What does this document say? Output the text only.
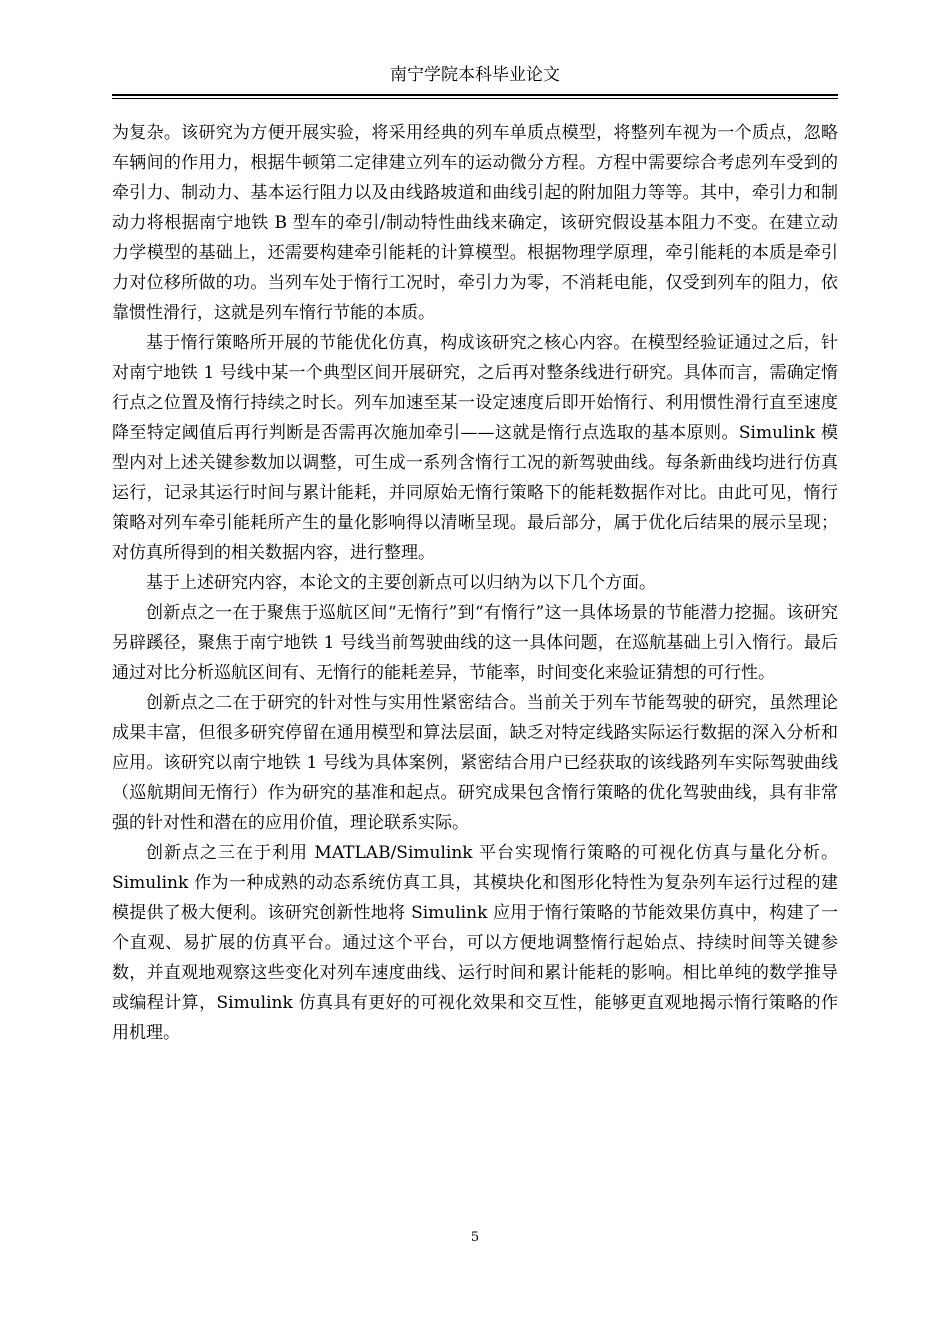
南宁学院本科毕业论文

为复杂。该研究为方便开展实验，将采用经典的列车单质点模型，将整列车视为一个质点，忽略车辆间的作用力，根据牛顿第二定律建立列车的运动微分方程。方程中需要综合考虑列车受到的牵引力、制动力、基本运行阻力以及由线路坡道和曲线引起的附加阻力等等。其中，牵引力和制动力将根据南宁地铁 B 型车的牵引/制动特性曲线来确定，该研究假设基本阻力不变。在建立动力学模型的基础上，还需要构建牵引能耗的计算模型。根据物理学原理，牵引能耗的本质是牵引力对位移所做的功。当列车处于惰行工况时，牵引力为零，不消耗电能，仅受到列车的阻力，依靠惯性滑行，这就是列车惰行节能的本质。

基于惰行策略所开展的节能优化仿真，构成该研究之核心内容。在模型经验证通过之后，针对南宁地铁 1 号线中某一个典型区间开展研究，之后再对整条线进行研究。具体而言，需确定惰行点之位置及惰行持续之时长。列车加速至某一设定速度后即开始惰行、利用惯性滑行直至速度降至特定阈值后再行判断是否需再次施加牵引——这就是惰行点选取的基本原则。Simulink 模型内对上述关键参数加以调整，可生成一系列含惰行工况的新驾驶曲线。每条新曲线均进行仿真运行，记录其运行时间与累计能耗，并同原始无惰行策略下的能耗数据作对比。由此可见，惰行策略对列车牵引能耗所产生的量化影响得以清晰呈现。最后部分，属于优化后结果的展示呈现；对仿真所得到的相关数据内容，进行整理。

基于上述研究内容，本论文的主要创新点可以归纳为以下几个方面。

创新点之一在于聚焦于巡航区间“无惰行”到“有惰行”这一具体场景的节能潜力挖掘。该研究另辟蹊径，聚焦于南宁地铁 1 号线当前驾驶曲线的这一具体问题，在巡航基础上引入惰行。最后通过对比分析巡航区间有、无惰行的能耗差异，节能率，时间变化来验证猜想的可行性。

创新点之二在于研究的针对性与实用性紧密结合。当前关于列车节能驾驶的研究，虽然理论成果丰富，但很多研究停留在通用模型和算法层面，缺乏对特定线路实际运行数据的深入分析和应用。该研究以南宁地铁 1 号线为具体案例，紧密结合用户已经获取的该线路列车实际驾驶曲线（巡航期间无惰行）作为研究的基准和起点。研究成果包含惰行策略的优化驾驶曲线，具有非常强的针对性和潜在的应用价值，理论联系实际。

创新点之三在于利用 MATLAB/Simulink 平台实现惰行策略的可视化仿真与量化分析。Simulink 作为一种成熟的动态系统仿真工具，其模块化和图形化特性为复杂列车运行过程的建模提供了极大便利。该研究创新性地将 Simulink 应用于惰行策略的节能效果仿真中，构建了一个直观、易扩展的仿真平台。通过这个平台，可以方便地调整惰行起始点、持续时间等关键参数，并直观地观察这些变化对列车速度曲线、运行时间和累计能耗的影响。相比单纯的数学推导或编程计算，Simulink 仿真具有更好的可视化效果和交互性，能够更直观地揭示惰行策略的作用机理。

5
